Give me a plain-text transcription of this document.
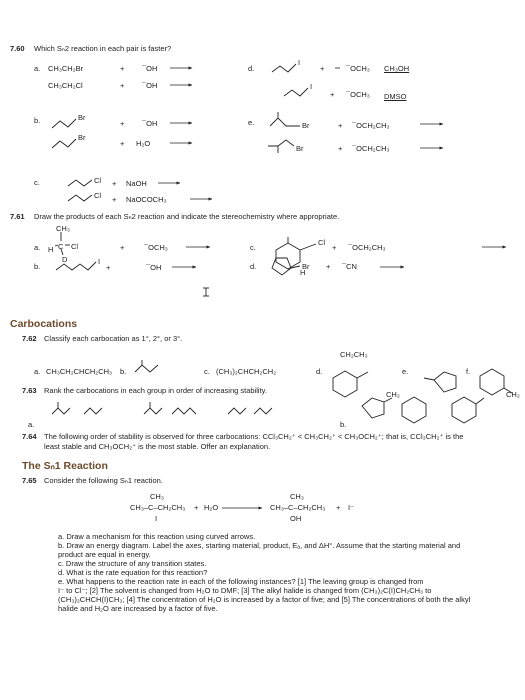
7.60 Which Sₙ2 reaction in each pair is faster?
a. CH₃CH₂Br	+ ¯OH
CH₃CH₂Cl	+ ¯OH
b.	Br
+ ¯OH
Br
+ H₂O
c.	Cl + NaOH
Cl + NaOCOCH₃
d.
I
+	¯OCH₃ CH₃OH
I
+ ¯OCH₃ DMSO
e.	Br	+ ¯OCH₂CH₃
Br	+ ¯OCH₂CH₃
7.61 Draw the products of each Sₙ2 reaction and indicate the stereochemistry where appropriate.
a.
CH₃
H C Cl
D
+	¯OCH₃
b.
I
+	¯OH
c.
Cl
H
+ ¯OCH₂CH₃
d.	Br + ¯CN
Carbocations
7.62 Classify each carbocation as 1°, 2°, or 3°.
a. CH₃CH₂CHCH₂CH₃ b.	c. (CH₃)₂CHCH₂CH₂	d.
CH₂CH₃
e.	f.
CH₂
7.63 Rank the carbocations in each group in order of increasing stability.
a.	b.
CH₂
7.64 The following order of stability is observed for three carbocations: CCl₃CH₂⁺ < CH₃CH₂⁺ < CH₃OCH₂⁺; that is, CCl₃CH₂⁺ is the
least stable and CH₃OCH₂⁺ is the most stable. Offer an explanation.
The Sₙ1 Reaction
7.65 Consider the following Sₙ1 reaction.
CH₃
CH₃–C–CH₂CH₃
I
+ H₂O
CH₃
CH₃–C–CH₂CH₃
OH
+ I⁻
a. Draw a mechanism for this reaction using curved arrows.
b. Draw an energy diagram. Label the axes, starting material, product, Eₐ, and ΔH°. Assume that the starting material and
product are equal in energy.
c. Draw the structure of any transition states.
d. What is the rate equation for this reaction?
e. What happens to the reaction rate in each of the following instances? [1] The leaving group is changed from
I⁻ to Cl⁻; [2] The solvent is changed from H₂O to DMF; [3] The alkyl halide is changed from (CH₃)₂C(I)CH₂CH₃ to
(CH₃)₂CHCH(I)CH₃; [4] The concentration of H₂O is increased by a factor of five; and [5] The concentrations of both the alkyl
halide and H₂O are increased by a factor of five.
